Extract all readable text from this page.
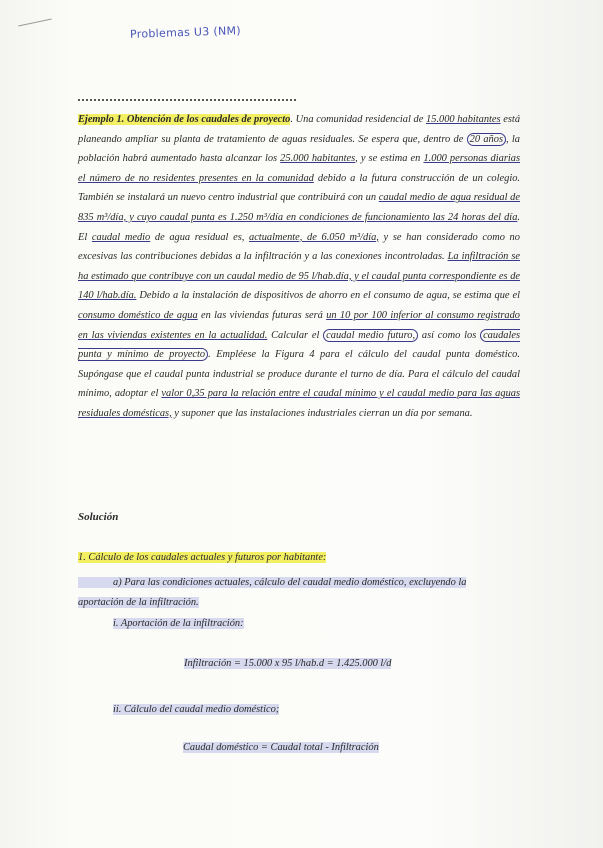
Problemas U3 (NM)

Ejemplo 1. Obtención de los caudales de proyecto. Una comunidad residencial de 15.000 habitantes está planeando ampliar su planta de tratamiento de aguas residuales. Se espera que, dentro de 20 años , la población habrá aumentado hasta alcanzar los 25.000 habitantes, y se estima en 1.000 personas diarias el número de no residentes presentes en la comunidad debido a la futura construcción de un colegio. También se instalará un nuevo centro industrial que contribuirá con un caudal medio de agua residual de 835 m³/día, y cuyo caudal punta es 1.250 m³/día en condiciones de funcionamiento las 24 horas del día. El caudal medio de agua residual es, actualmente, de 6.050 m³/día, y se han considerado como no excesivas las contribuciones debidas a la infiltración y a las conexiones incontroladas. La infiltración se ha estimado que contribuye con un caudal medio de 95 l/hab.día, y el caudal punta correspondiente es de 140 l/hab.día. Debido a la instalación de dispositivos de ahorro en el consumo de agua, se estima que el consumo doméstico de agua en las viviendas futuras será un 10 por 100 inferior al consumo registrado en las viviendas existentes en la actualidad. Calcular el caudal medio futuro, así como los caudales punta y mínimo de proyecto . Empléese la Figura 4 para el cálculo del caudal punta doméstico. Supóngase que el caudal punta industrial se produce durante el turno de día. Para el cálculo del caudal mínimo, adoptar el valor 0,35 para la relación entre el caudal mínimo y el caudal medio para las aguas residuales domésticas, y suponer que las instalaciones industriales cierran un día por semana.

Solución
1. Cálculo de los caudales actuales y futuros por habitante:
a) Para las condiciones actuales, cálculo del caudal medio doméstico, excluyendo la
aportación de la infiltración.
i. Aportación de la infiltración:
Infiltración = 15.000 x 95 l/hab.d = 1.425.000 l/d
ii. Cálculo del caudal medio doméstico;
Caudal doméstico = Caudal total - Infiltración
